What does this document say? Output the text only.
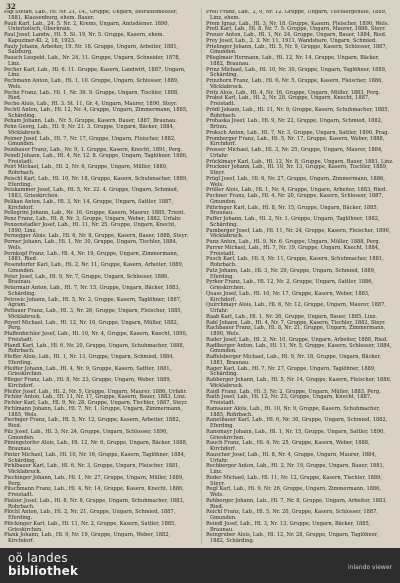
32
Pap Stefan, Lab., Hl. Nr. 21, 14., Gruppe, Ungarn, Betriebsmeister, 1881, Klausenburg, ehem. Bauer.
Pauli Karl, Lab., 24. 5. Nr. 2, Krems, Ungarn, Amtsdiener. 1890, Unterloitsch, Oberkrain.
Paul Josef, Landw., Hl. 5. St. 19, Nr. 5. Gruppe, Kasern, ehem. Kapuziner-Kl. 2, 18, 1923.
Pauly Johann, Arbeiter, 19. Nr. 18. Gruppe, Ungarn, Arbeiter, 1881, Salzburg.
Pausch Leopold, Lab., Nr. 24, 11. Gruppe, Ungarn, Schneider, 1878, Linz.
Pecher Karl, Lab., Hl. 6. 11. Gruppe, Kasern, Landwirt, 1887, Ungarn, Linz.
Pechmann Anton, Lab., Hl. 1, 10. Gruppe, Ungarn, Schlosser, 1889, Wels.
Pecho Franz, Lab., Hl. 1, Nr. 36. 9. Gruppe, Ungarn, Tischler, 1888, Ried.
Pecho Alois, Lab., Hl. 3. St. 11, Gr. 4, Ungarn, Maurer, 1890, Steyr.
Pechtl Anton, Lab., Hl. 12, Nr. 4, Gruppe, Ungarn, Zimmermann, 1885, Schärding.
Peham Johann, Lab., Nr. 5, Gruppe, Kasern, Bauer, 1887, Braunau.
Pehn Georg, Lab., Hl. 9, Nr. 21. 3. Gruppe, Ungarn, Bäcker, 1884, Vöcklabruck.
Peimer Josef, Lab., Hl. 7, Nr. 17, Gruppe, Ungarn, Fleischer, 1882, Gmunden.
Peinbauer Franz, Lab., Nr. 9, 1. Gruppe, Kasern, Knecht, 1891, Perg.
Peindl Johann, Lab., Hl. 4, Nr. 12. 8. Gruppe, Ungarn, Taglöhner, 1886, Freistadt.
Peirl Michael, Lab., Hl. 2, Nr. 6, Gruppe, Ungarn, Müller, 1880, Rohrbach.
Peischl Karl, Lab., Hl. 10, Nr. 18, Gruppe, Kasern, Schuhmacher, 1889, Eferding.
Peiskammer Josef, Lab., Hl. 5, Nr. 22. 4. Gruppe, Ungarn, Schmied, 1883, Grieskirchen.
Pelikan Anton, Lab., Hl. 3, Nr. 14, Gruppe, Ungarn, Sattler, 1887, Kirchdorf.
Pellegrini Johann, Lab., Nr. 16, Gruppe, Kasern, Maurer, 1885, Trient.
Penz Franz, Lab., Hl. 8, Nr. 3, Gruppe, Ungarn, Weber, 1882, Urfahr.
Penzenstadler Josef, Lab., Hl. 11, Nr. 25, Gruppe, Ungarn, Knecht, 1890, Linz.
Pernegger Alois, Lab., Hl. 6, Nr. 8, Gruppe, Kasern, Bauer, 1888, Steyr.
Perner Johann, Lab., Hl. 1, Nr. 30, Gruppe, Ungarn, Tischler, 1884, Wels.
Pernkopf Franz, Lab., Hl. 4, Nr. 19, Gruppe, Ungarn, Zimmermann, 1881, Ried.
Pesendorfer Karl, Lab., Hl. 2, Nr. 11, Gruppe, Kasern, Arbeiter, 1889, Gmunden.
Peter Josef, Lab., Hl. 9, Nr. 7, Gruppe, Ungarn, Schlosser, 1886, Braunau.
Petermair Anton, Lab., Hl. 7, Nr. 15, Gruppe, Ungarn, Bäcker, 1883, Schärding.
Petrovic Johann, Lab., Hl. 5, Nr. 2, Gruppe, Kasern, Taglöhner, 1887, Agram.
Pettauer Franz, Lab., Hl. 3, Nr. 26, Gruppe, Ungarn, Fleischer, 1885, Vöcklabruck.
Peyerl Michael, Lab., Hl. 12, Nr. 10, Gruppe, Ungarn, Müller, 1882, Perg.
Pfaffenbichler Josef, Lab., Hl. 10, Nr. 4, Gruppe, Kasern, Knecht, 1890, Freistadt.
Pfandl Karl, Lab., Hl. 6, Nr. 20, Gruppe, Ungarn, Schuhmacher, 1888, Rohrbach.
Pfeffer Alois, Lab., Hl. 1, Nr. 13, Gruppe, Ungarn, Schmied, 1884, Eferding.
Pfeiffer Johann, Lab., Hl. 4, Nr. 9, Gruppe, Kasern, Sattler, 1881, Grieskirchen.
Pfleger Franz, Lab., Hl. 8, Nr. 23, Gruppe, Ungarn, Weber, 1889, Kirchdorf.
Pfeifer Josef, Lab., Hl. 2, Nr. 5, Gruppe, Ungarn, Maurer, 1886, Urfahr.
Pichler Anton, Lab., Hl. 11, Nr. 17, Gruppe, Kasern, Bauer, 1883, Linz.
Pichler Karl, Lab., Hl. 9, Nr. 28, Gruppe, Ungarn, Tischler, 1887, Steyr.
Pichlmann Johann, Lab., Hl. 7, Nr. 1, Gruppe, Ungarn, Zimmermann, 1885, Wels.
Pieringer Franz, Lab., Hl. 5, Nr. 12, Gruppe, Kasern, Arbeiter, 1882, Ried.
Pilz Josef, Lab., Hl. 3, Nr. 24, Gruppe, Ungarn, Schlosser, 1890, Gmunden.
Pimingstorfer Alois, Lab., Hl. 12, Nr. 6, Gruppe, Ungarn, Bäcker, 1888, Braunau.
Pinter Michael, Lab., Hl. 10, Nr. 16, Gruppe, Kasern, Taglöhner, 1884, Schärding.
Pirklbauer Karl, Lab., Hl. 6, Nr. 3, Gruppe, Ungarn, Fleischer, 1881, Vöcklabruck.
Pischinger Johann, Lab., Hl. 1, Nr. 27, Gruppe, Ungarn, Müller, 1889, Perg.
Pitschmann Franz, Lab., Hl. 4, Nr. 14, Gruppe, Kasern, Knecht, 1886, Freistadt.
Platzer Josef, Lab., Hl. 8, Nr. 8, Gruppe, Ungarn, Schuhmacher, 1883, Rohrbach.
Plöchl Anton, Lab., Hl. 2, Nr. 21, Gruppe, Ungarn, Schmied, 1887, Eferding.
Plöckinger Karl, Lab., Hl. 11, Nr. 2, Gruppe, Kasern, Sattler, 1885, Grieskirchen.
Plank Johann, Lab., Hl. 9, Nr. 19, Gruppe, Ungarn, Weber, 1882, Kirchdorf.
Prell Franz, Lab., 2, 9, Nr. 12. Gruppe, Ungarn, Tischlergehilfe, 1889, Linz, ehem.
Prem Ignaz, Lab., Hl. 3, Nr. 18. Gruppe, Kasern, Fleischer, 1890, Wels.
Pretl Karl, Lab., Hl. 8, Nr. 7. 5. Gruppe, Ungarn, Maurer, 1886, Steyr.
Preuer Anton, Lab., Hl. 1, Nr. 24, Gruppe, Ungarn, Bauer, 1884, Ried.
Prey Josef, Lab., 2. 3. Nr. 11, 1911, Wandshare, Ungarn, Schmied.
Prielinger Johann, Lab., Hl. 5, Nr. 9, Gruppe, Kasern, Schlosser, 1887, Gmunden.
Pfleglmair Hermann, Lab., Hl. 12, Nr. 14, Gruppe, Ungarn, Bäcker, 1882, Braunau.
Prinz Michael, Lab., Hl. 10, Nr. 30, Gruppe, Ungarn, Taglöhner, 1889, Schärding.
Prinzhorn Franz, Lab., Hl. 6, Nr. 5, Gruppe, Kasern, Fleischer, 1886, Vöcklabruck.
Pritz Alois, Lab., Hl. 4, Nr. 16, Gruppe, Ungarn, Müller, 1883, Perg.
Probst Karl, Lab., Hl. 2, Nr. 28, Gruppe, Ungarn, Knecht, 1887, Freistadt.
Prödl Johann, Lab., Hl. 11, Nr. 9, Gruppe, Kasern, Schuhmacher, 1885, Rohrbach.
Prohaska Josef, Lab., Hl. 9, Nr. 22, Gruppe, Ungarn, Schmied, 1882, Brünn.
Proksch Anton, Lab., Hl. 7, Nr. 3, Gruppe, Ungarn, Sattler, 1890, Prag.
Promberger Franz, Lab., Hl. 5, Nr. 17, Gruppe, Kasern, Weber, 1888, Kirchdorf.
Prosser Michael, Lab., Hl. 3, Nr. 25, Gruppe, Ungarn, Maurer, 1884, Urfahr.
Prücklmayr Karl, Lab., Hl. 12, Nr. 8, Gruppe, Ungarn, Bauer, 1881, Linz.
Pruckner Johann, Lab., Hl. 10, Nr. 13, Gruppe, Kasern, Tischler, 1889, Steyr.
Prügl Josef, Lab., Hl. 6, Nr. 27, Gruppe, Ungarn, Zimmermann, 1886, Wels.
Prüller Alois, Lab., Hl. 1, Nr. 4, Gruppe, Ungarn, Arbeiter, 1883, Ried.
Puchner Franz, Lab., Hl. 4, Nr. 20, Gruppe, Kasern, Schlosser, 1887, Gmunden.
Pühringer Karl, Lab., Hl. 8, Nr. 15, Gruppe, Ungarn, Bäcker, 1885, Braunau.
Puffer Johann, Lab., Hl. 2, Nr. 1, Gruppe, Ungarn, Taglöhner, 1882, Schärding.
Pumberger Josef, Lab., Hl. 11, Nr. 24, Gruppe, Kasern, Fleischer, 1890, Vöcklabruck.
Punz Anton, Lab., Hl. 9, Nr. 6, Gruppe, Ungarn, Müller, 1888, Perg.
Purrer Michael, Lab., Hl. 7, Nr. 19, Gruppe, Ungarn, Knecht, 1884, Freistadt.
Pusch Karl, Lab., Hl. 5, Nr. 11, Gruppe, Kasern, Schuhmacher, 1881, Rohrbach.
Putz Johann, Lab., Hl. 3, Nr. 29, Gruppe, Ungarn, Schmied, 1889, Eferding.
Pyrker Franz, Lab., Hl. 12, Nr. 2, Gruppe, Ungarn, Sattler, 1886, Grieskirchen.
Quass Josef, Lab., Hl. 10, Nr. 17, Gruppe, Kasern, Weber, 1883, Kirchdorf.
Quirchmayr Alois, Lab., Hl. 6, Nr. 12, Gruppe, Ungarn, Maurer, 1887, Urfahr.
Raab Karl, Lab., Hl. 1, Nr. 26, Gruppe, Ungarn, Bauer, 1885, Linz.
Rabl Johann, Lab., Hl. 4, Nr. 7, Gruppe, Kasern, Tischler, 1882, Steyr.
Rachbauer Franz, Lab., Hl. 8, Nr. 21, Gruppe, Ungarn, Zimmermann, 1890, Wels.
Rader Josef, Lab., Hl. 2, Nr. 10, Gruppe, Ungarn, Arbeiter, 1888, Ried.
Radlberger Anton, Lab., Hl. 11, Nr. 5, Gruppe, Kasern, Schlosser, 1884, Gmunden.
Raffelsberger Michael, Lab., Hl. 9, Nr. 18, Gruppe, Ungarn, Bäcker, 1881, Braunau.
Rager Karl, Lab., Hl. 7, Nr. 27, Gruppe, Ungarn, Taglöhner, 1889, Schärding.
Rahberger Johann, Lab., Hl. 5, Nr. 14, Gruppe, Kasern, Fleischer, 1886, Vöcklabruck.
Raidl Franz, Lab., Hl. 3, Nr. 2, Gruppe, Ungarn, Müller, 1883, Perg.
Raith Josef, Lab., Hl. 12, Nr. 23, Gruppe, Ungarn, Knecht, 1887, Freistadt.
Ramsauer Alois, Lab., Hl. 10, Nr. 9, Gruppe, Kasern, Schuhmacher, 1885, Rohrbach.
Ranetbauer Karl, Lab., Hl. 6, Nr. 30, Gruppe, Ungarn, Schmied, 1882, Eferding.
Ransmayr Johann, Lab., Hl. 1, Nr. 15, Gruppe, Ungarn, Sattler, 1890, Grieskirchen.
Rauch Franz, Lab., Hl. 4, Nr. 25, Gruppe, Kasern, Weber, 1888, Kirchdorf.
Rauscher Josef, Lab., Hl. 8, Nr. 4, Gruppe, Ungarn, Maurer, 1884, Urfahr.
Rechberger Anton, Lab., Hl. 2, Nr. 19, Gruppe, Ungarn, Bauer, 1881, Linz.
Reder Michael, Lab., Hl. 11, Nr. 12, Gruppe, Kasern, Tischler, 1889, Steyr.
Regl Karl, Lab., Hl. 9, Nr. 26, Gruppe, Ungarn, Zimmermann, 1886, Wels.
Rehberger Johann, Lab., Hl. 7, Nr. 8, Gruppe, Ungarn, Arbeiter, 1883, Ried.
Reichl Franz, Lab., Hl. 5, Nr. 20, Gruppe, Kasern, Schlosser, 1887, Gmunden.
Reindl Josef, Lab., Hl. 3, Nr. 13, Gruppe, Ungarn, Bäcker, 1885, Braunau.
Reingruber Alois, Lab., Hl. 12, Nr. 28, Gruppe, Ungarn, Taglöhner, 1882, Schärding.
oö landes
bibliothek	inlando viewer
